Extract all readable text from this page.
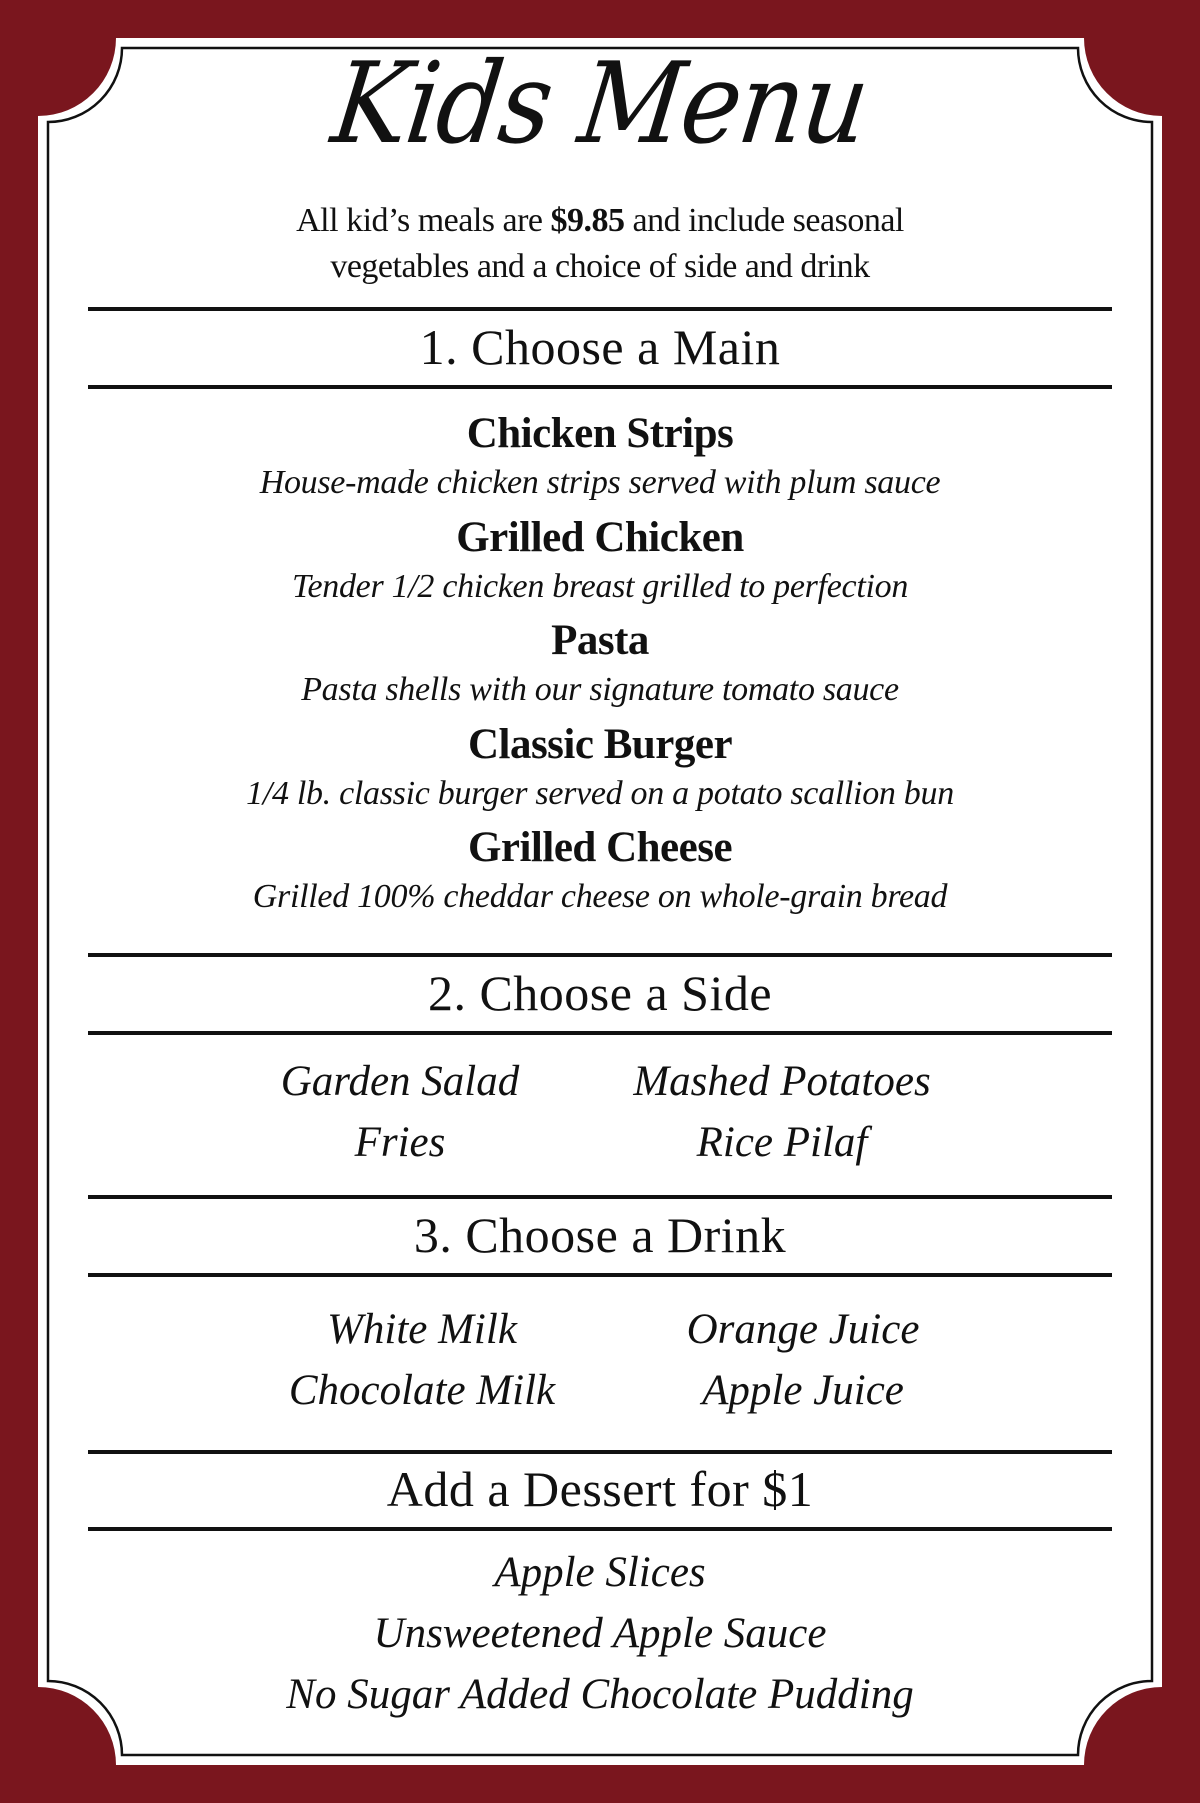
Kids Menu
All kid’s meals are $9.85 and include seasonal
vegetables and a choice of side and drink
1. Choose a Main
Chicken Strips
House-made chicken strips served with plum sauce
Grilled Chicken
Tender 1/2 chicken breast grilled to perfection
Pasta
Pasta shells with our signature tomato sauce
Classic Burger
1/4 lb. classic burger served on a potato scallion bun
Grilled Cheese
Grilled 100% cheddar cheese on whole-grain bread
2. Choose a Side
Garden Salad	Mashed Potatoes
Fries	Rice Pilaf
3. Choose a Drink
White Milk	Orange Juice
Chocolate Milk	Apple Juice
Add a Dessert for $1
Apple Slices
Unsweetened Apple Sauce
No Sugar Added Chocolate Pudding
